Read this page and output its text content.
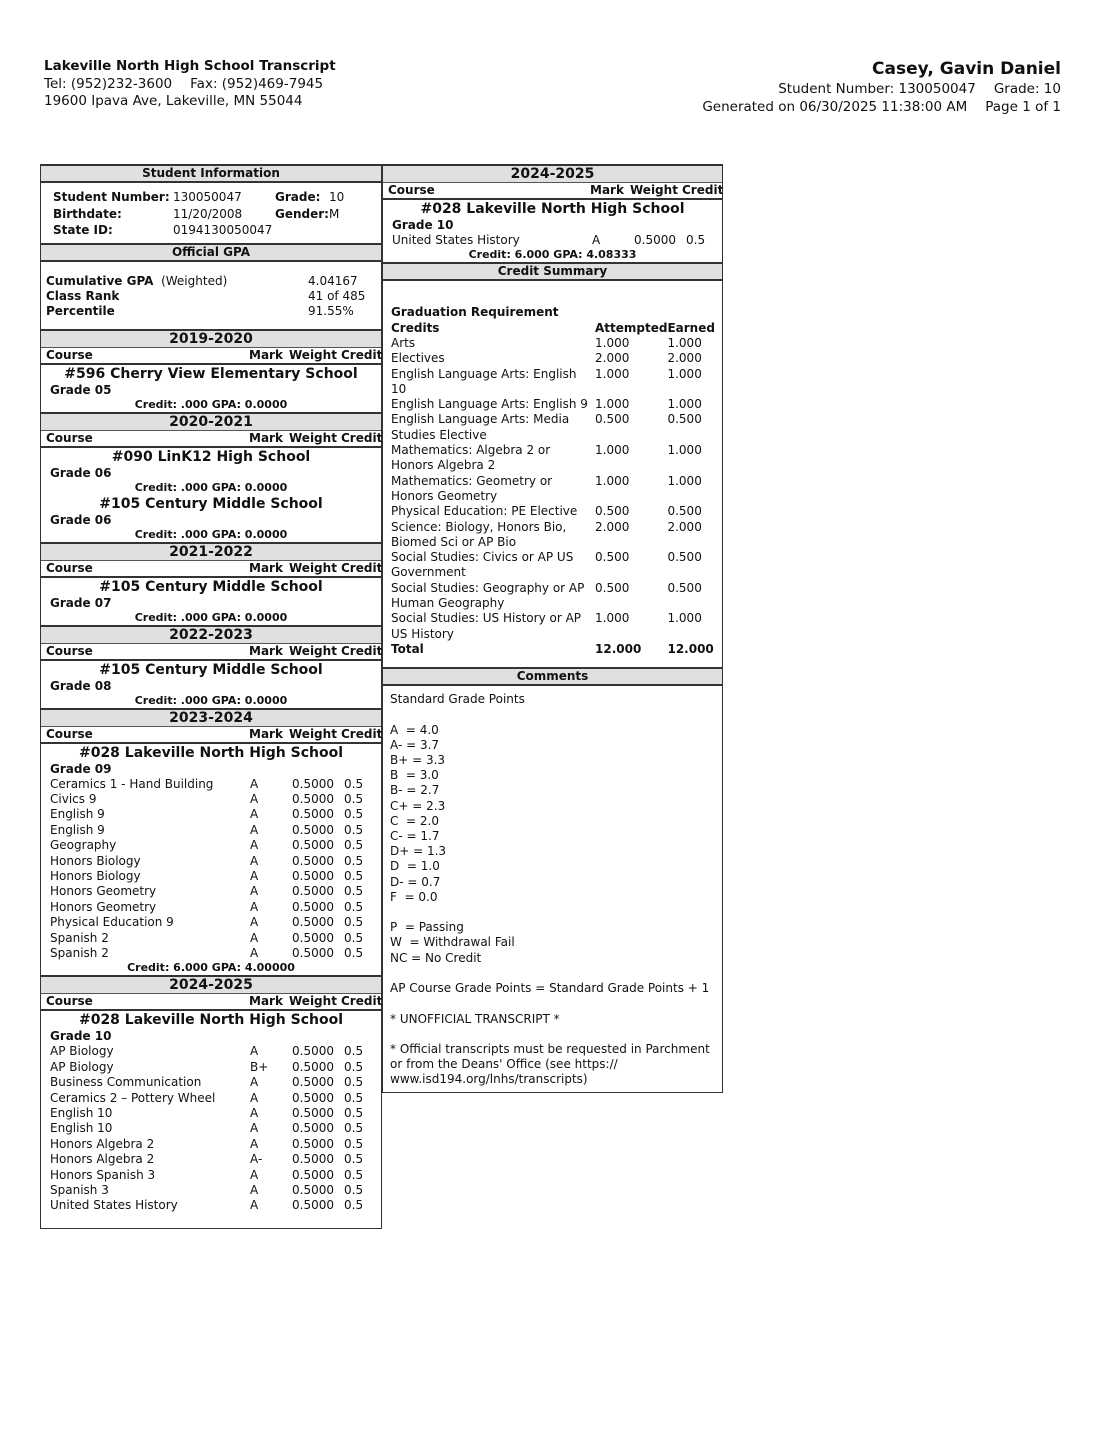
Lakeville North High School Transcript
Tel: (952)232-3600 Fax: (952)469-7945
19600 Ipava Ave, Lakeville, MN 55044
Casey, Gavin Daniel
Student Number: 130050047 Grade: 10
Generated on 06/30/2025 11:38:00 AM Page 1 of 1
Student Information
Student Number:	130050047	Grade:	10
Birthdate:	11/20/2008	Gender:	M
State ID:	0194130050047		
Official GPA
Cumulative GPA (Weighted)	4.04167
Class Rank	41 of 485
Percentile	91.55%
2019-2020
Course	Mark Weight Credit
#596 Cherry View Elementary School
Grade 05
Credit: .000 GPA: 0.0000
2020-2021
Course	Mark Weight Credit
#090 LinK12 High School
Grade 06
Credit: .000 GPA: 0.0000
#105 Century Middle School
Grade 06
Credit: .000 GPA: 0.0000
2021-2022
Course	Mark Weight Credit
#105 Century Middle School
Grade 07
Credit: .000 GPA: 0.0000
2022-2023
Course	Mark Weight Credit
#105 Century Middle School
Grade 08
Credit: .000 GPA: 0.0000
2023-2024
Course	Mark Weight Credit
#028 Lakeville North High School
Grade 09
Ceramics 1 - Hand Building	A	0.5000 0.5
Civics 9	A	0.5000 0.5
English 9	A	0.5000 0.5
English 9	A	0.5000 0.5
Geography	A	0.5000 0.5
Honors Biology	A	0.5000 0.5
Honors Biology	A	0.5000 0.5
Honors Geometry	A	0.5000 0.5
Honors Geometry	A	0.5000 0.5
Physical Education 9	A	0.5000 0.5
Spanish 2	A	0.5000 0.5
Spanish 2	A	0.5000 0.5
Credit: 6.000 GPA: 4.00000
2024-2025
Course	Mark Weight Credit
#028 Lakeville North High School
Grade 10
AP Biology	A	0.5000 0.5
AP Biology	B+	0.5000 0.5
Business Communication	A	0.5000 0.5
Ceramics 2 – Pottery Wheel	A	0.5000 0.5
English 10	A	0.5000 0.5
English 10	A	0.5000 0.5
Honors Algebra 2	A	0.5000 0.5
Honors Algebra 2	A-	0.5000 0.5
Honors Spanish 3	A	0.5000 0.5
Spanish 3	A	0.5000 0.5
United States History	A	0.5000 0.5
2024-2025
Course	Mark Weight Credit
#028 Lakeville North High School
Grade 10
United States History	A	0.5000 0.5
Credit: 6.000 GPA: 4.08333
Credit Summary
Graduation Requirement		
Credits	Attempted	Earned
Arts	1.000	1.000
Electives	2.000	2.000
English Language Arts: English 10	1.000	1.000
English Language Arts: English 9	1.000	1.000
English Language Arts: Media Studies Elective	0.500	0.500
Mathematics: Algebra 2 or Honors Algebra 2	1.000	1.000
Mathematics: Geometry or Honors Geometry	1.000	1.000
Physical Education: PE Elective	0.500	0.500
Science: Biology, Honors Bio, Biomed Sci or AP Bio	2.000	2.000
Social Studies: Civics or AP US Government	0.500	0.500
Social Studies: Geography or AP Human Geography	0.500	0.500
Social Studies: US History or AP US History	1.000	1.000
Total	12.000	12.000
Comments
Standard Grade Points

A  = 4.0
A- = 3.7
B+ = 3.3
B  = 3.0
B- = 2.7
C+ = 2.3
C  = 2.0
C- = 1.7
D+ = 1.3
D  = 1.0
D- = 0.7
F  = 0.0

P  = Passing
W  = Withdrawal Fail
NC = No Credit

AP Course Grade Points = Standard Grade Points + 1

* UNOFFICIAL TRANSCRIPT *

* Official transcripts must be requested in Parchment or from the Deans' Office (see https://
www.isd194.org/lnhs/transcripts)
